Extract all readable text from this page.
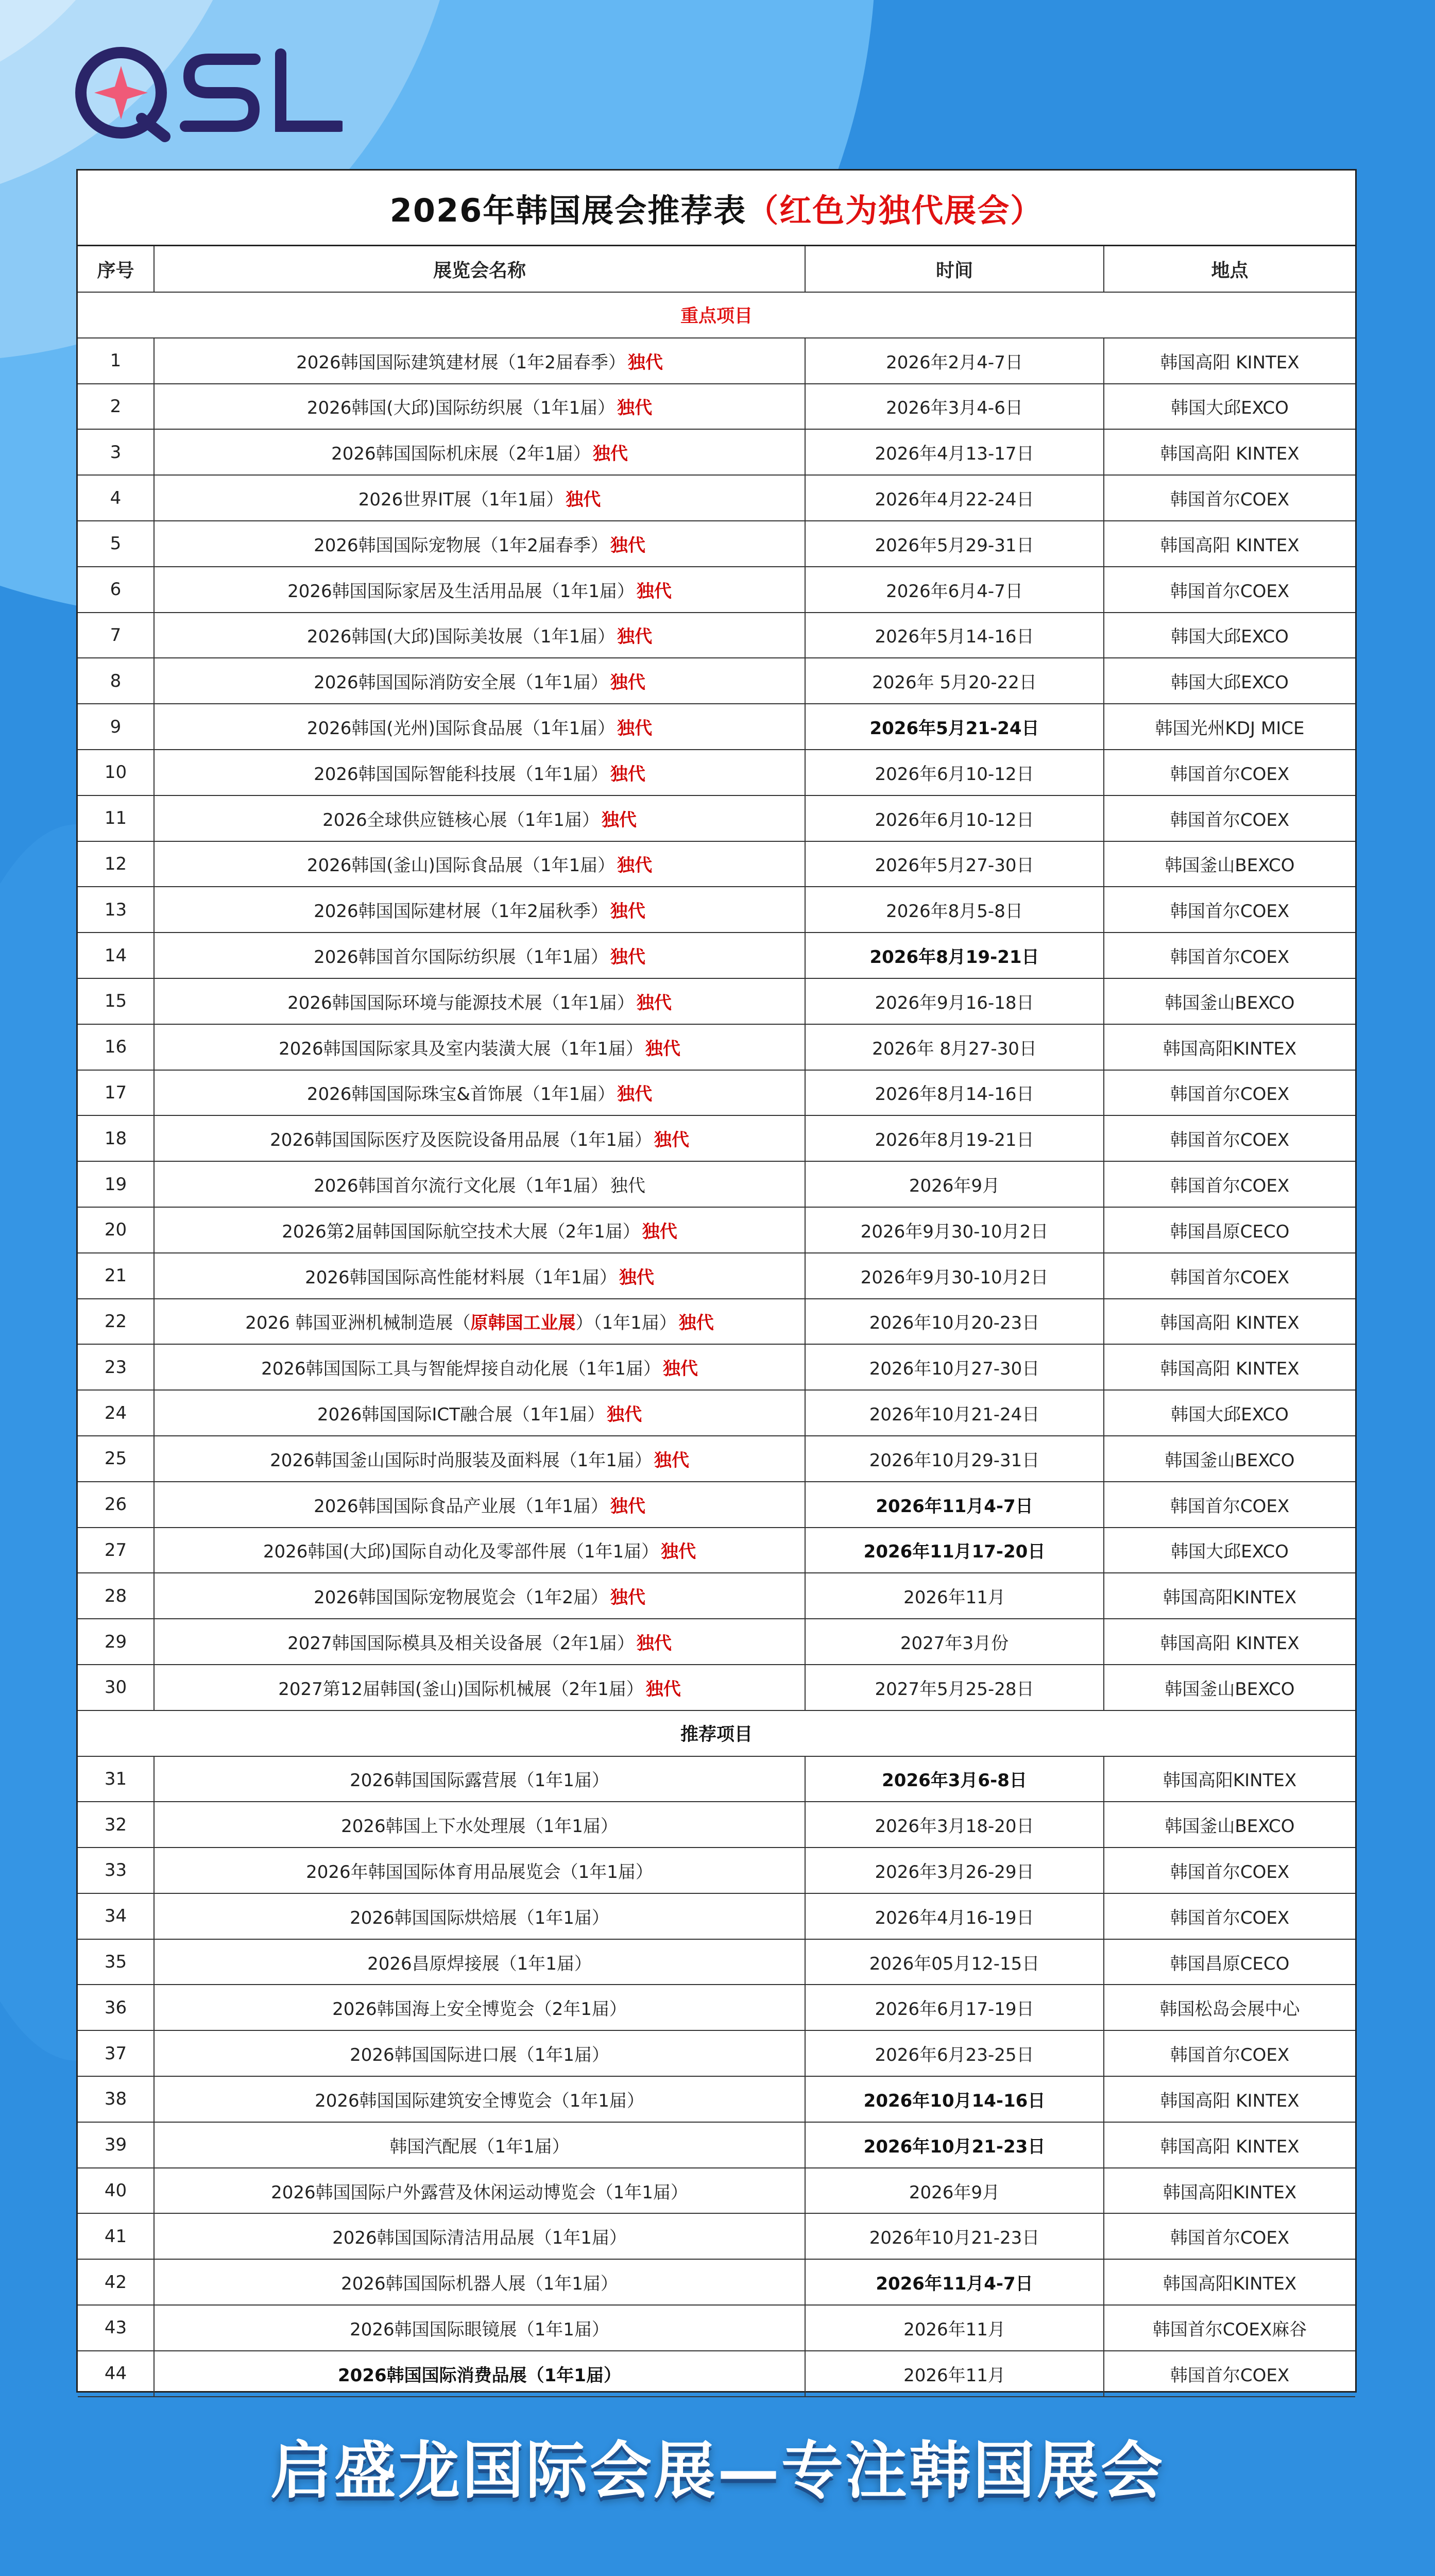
2026年韩国展会推荐表 （红色为独代展会）
序号	展览会名称	时间	地点
重点项目			
1	2026韩国国际建筑建材展（1年2届春季） 独代	2026年2月4-7日	韩国高阳 KINTEX
2	2026韩国(大邱)国际纺织展（1年1届） 独代	2026年3月4-6日	韩国大邱EXCO
3	2026韩国国际机床展（2年1届） 独代	2026年4月13-17日	韩国高阳 KINTEX
4	2026世界IT展（1年1届） 独代	2026年4月22-24日	韩国首尔COEX
5	2026韩国国际宠物展（1年2届春季） 独代	2026年5月29-31日	韩国高阳 KINTEX
6	2026韩国国际家居及生活用品展（1年1届） 独代	2026年6月4-7日	韩国首尔COEX
7	2026韩国(大邱)国际美妆展（1年1届） 独代	2026年5月14-16日	韩国大邱EXCO
8	2026韩国国际消防安全展（1年1届） 独代	2026年 5月20-22日	韩国大邱EXCO
9	2026韩国(光州)国际食品展（1年1届） 独代	2026年5月21-24日	韩国光州KDJ MICE
10	2026韩国国际智能科技展（1年1届） 独代	2026年6月10-12日	韩国首尔COEX
11	2026全球供应链核心展（1年1届） 独代	2026年6月10-12日	韩国首尔COEX
12	2026韩国(釜山)国际食品展（1年1届） 独代	2026年5月27-30日	韩国釜山BEXCO
13	2026韩国国际建材展（1年2届秋季） 独代	2026年8月5-8日	韩国首尔COEX
14	2026韩国首尔国际纺织展（1年1届） 独代	2026年8月19-21日	韩国首尔COEX
15	2026韩国国际环境与能源技术展（1年1届） 独代	2026年9月16-18日	韩国釜山BEXCO
16	2026韩国国际家具及室内装潢大展（1年1届） 独代	2026年 8月27-30日	韩国高阳KINTEX
17	2026韩国国际珠宝&首饰展（1年1届） 独代	2026年8月14-16日	韩国首尔COEX
18	2026韩国国际医疗及医院设备用品展（1年1届） 独代	2026年8月19-21日	韩国首尔COEX
19	2026韩国首尔流行文化展（1年1届） 独代	2026年9月	韩国首尔COEX
20	2026第2届韩国国际航空技术大展（2年1届） 独代	2026年9月30-10月2日	韩国昌原CECO
21	2026韩国国际高性能材料展（1年1届） 独代	2026年9月30-10月2日	韩国首尔COEX
22	2026 韩国亚洲机械制造展（原韩国工业展）（1年1届） 独代	2026年10月20-23日	韩国高阳 KINTEX
23	2026韩国国际工具与智能焊接自动化展（1年1届） 独代	2026年10月27-30日	韩国高阳 KINTEX
24	2026韩国国际ICT融合展（1年1届） 独代	2026年10月21-24日	韩国大邱EXCO
25	2026韩国釜山国际时尚服装及面料展（1年1届） 独代	2026年10月29-31日	韩国釜山BEXCO
26	2026韩国国际食品产业展（1年1届） 独代	2026年11月4-7日	韩国首尔COEX
27	2026韩国(大邱)国际自动化及零部件展（1年1届） 独代	2026年11月17-20日	韩国大邱EXCO
28	2026韩国国际宠物展览会（1年2届） 独代	2026年11月	韩国高阳KINTEX
29	2027韩国国际模具及相关设备展（2年1届） 独代	2027年3月份	韩国高阳 KINTEX
30	2027第12届韩国(釜山)国际机械展（2年1届） 独代	2027年5月25-28日	韩国釜山BEXCO
推荐项目			
31	2026韩国国际露营展（1年1届）	2026年3月6-8日	韩国高阳KINTEX
32	2026韩国上下水处理展（1年1届）	2026年3月18-20日	韩国釜山BEXCO
33	2026年韩国国际体育用品展览会（1年1届）	2026年3月26-29日	韩国首尔COEX
34	2026韩国国际烘焙展（1年1届）	2026年4月16-19日	韩国首尔COEX
35	2026昌原焊接展（1年1届）	2026年05月12-15日	韩国昌原CECO
36	2026韩国海上安全博览会（2年1届）	2026年6月17-19日	韩国松岛会展中心
37	2026韩国国际进口展（1年1届）	2026年6月23-25日	韩国首尔COEX
38	2026韩国国际建筑安全博览会（1年1届）	2026年10月14-16日	韩国高阳 KINTEX
39	韩国汽配展（1年1届）	2026年10月21-23日	韩国高阳 KINTEX
40	2026韩国国际户外露营及休闲运动博览会（1年1届）	2026年9月	韩国高阳KINTEX
41	2026韩国国际清洁用品展（1年1届）	2026年10月21-23日	韩国首尔COEX
42	2026韩国国际机器人展（1年1届）	2026年11月4-7日	韩国高阳KINTEX
43	2026韩国国际眼镜展（1年1届）	2026年11月	韩国首尔COEX麻谷
44	2026韩国国际消费品展（1年1届）	2026年11月	韩国首尔COEX
启盛龙国际会展—专注韩国展会
